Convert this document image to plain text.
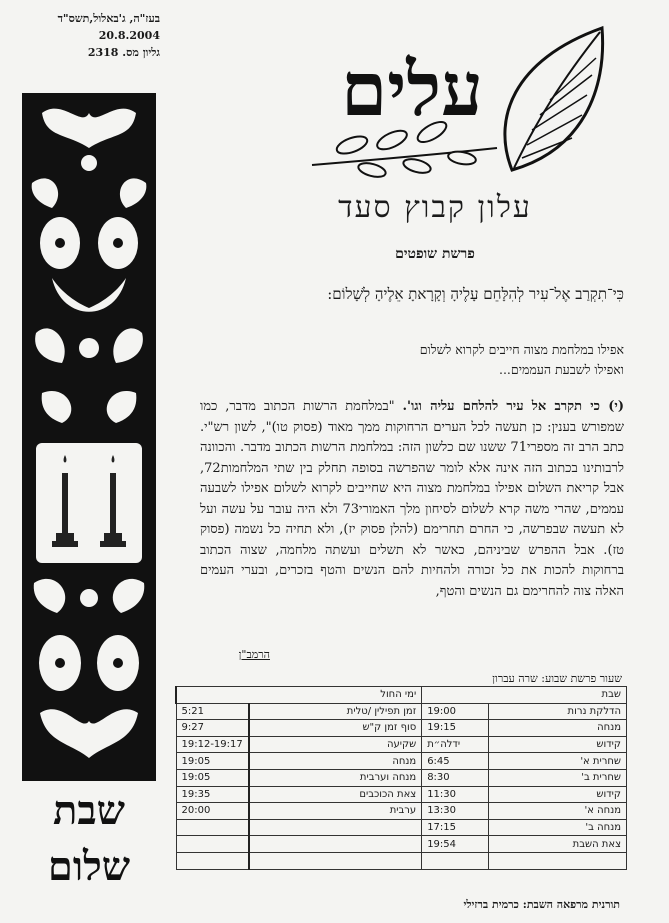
בעז"ה, ג'באלול,תשס"ד
20.8.2004
גליון מס. 2318
שבת
שלום
עלים
עלון קבוץ סעד
פרשת שופטים
כִּי־תִקְרַב אֶל־עִיר לְהִלָּחֵם עָלֶיהָ וְקָרָאתָ אֵלֶיהָ לְשָׁלוֹם:
אפילו במלחמת מצוה חייבים לקרוא לשלום
ואפילו לשבעת העממים...

(י) כי תקרב אל עיר להלחם עליה וגו'. "במלחמת הרשות הכתוב מדבר, כמו שמפורש בענין: כן תעשה לכל הערים הרחוקות ממך מאוד (פסוק טו)", לשון רש"י. כתב הרב זה מספרי71 ששנו שם כלשון הזה: במלחמת הרשות הכתוב מדבר. והכוונה לרבותינו בכתוב הזה אינה אלא לומר שהפרשה בסופה תחלק בין שתי המלחמות72, אבל קריאת השלום אפילו במלחמת מצוה היא שחייבים לקרוא לשלום אפילו לשבעה עממים, שהרי משה קרא לשלום לסיחון מלך האמורי73 ולא היה עובר על עשה ועל לא תעשה שבפרשה, כי החרם תחרימם (להלן פסוק יז), ולא תחיה כל נשמה (פסוק טז). אבל ההפרש שביניהם, כאשר לא תשלים ועשתה מלחמה, שצוה הכתוב ברחוקות להכות את כל זכורה ולהחיות להם הנשים והטף בזכרים, ובערי העמים האלה צוה להחרימם גם הנשים והטף,

הרמב"ן
שעור פרשת שבוע: שרה עברון
שבת		ימי החול	
הדלקת נרות	19:00	זמן תפילין /טלית	5:21
מנחה	19:15	סוף זמן ק"ש	9:27
קידוש	ידלה״ת	שקיעה	19:12-19:17
שחרית א'	6:45	מנחה	19:05
שחרית ב'	8:30	מנחה וערבית	19:05
קידוש	11:30	צאת הכוכבים	19:35
מנחה א'	13:30	ערבית	20:00
מנחה ב'	17:15		
צאת השבת	19:54		

תורנית מרפאה השבת: כרמית ברזילי
